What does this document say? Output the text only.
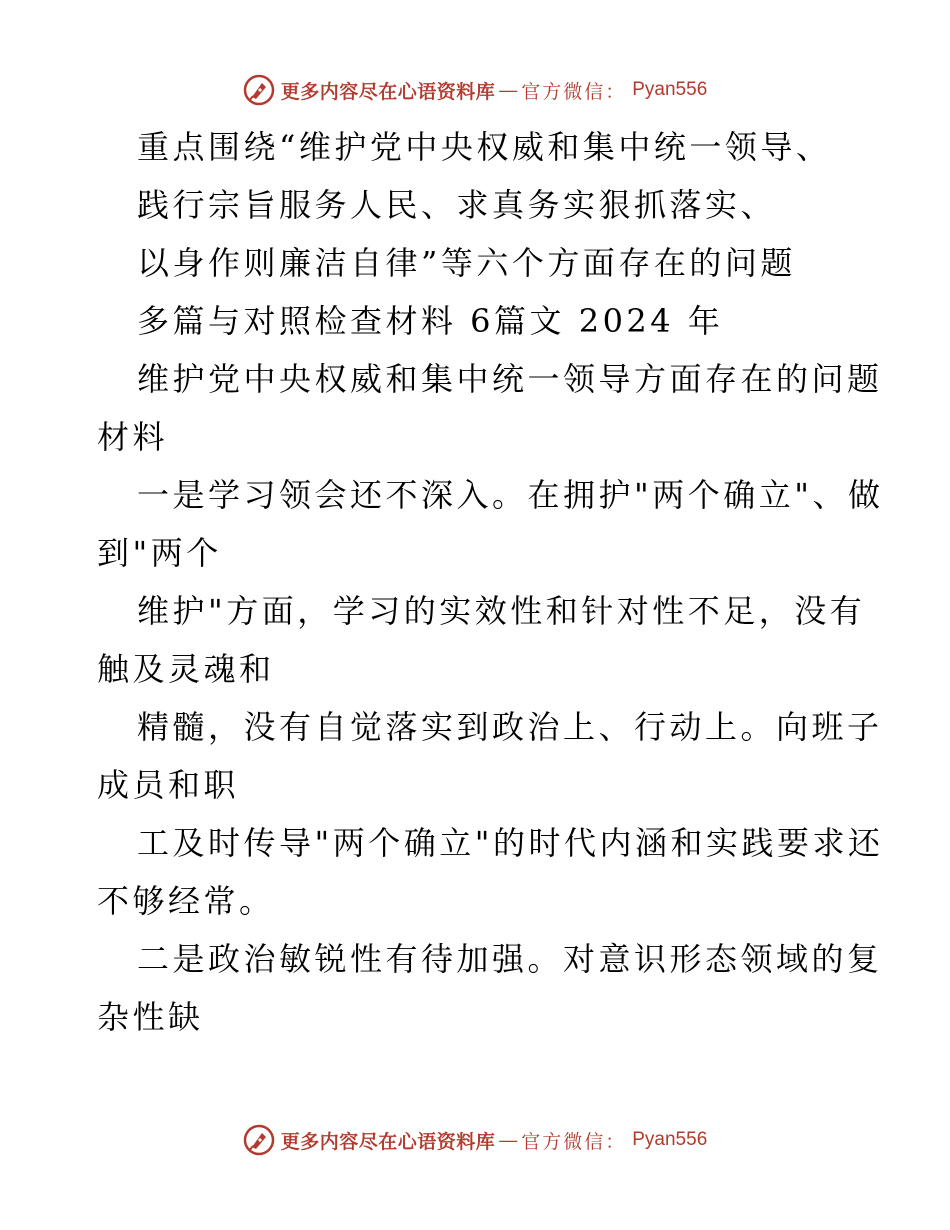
更多内容尽在心语资料库 — 官方微信： Pyan556
重点围绕“维护党中央权威和集中统一领导、
践行宗旨服务人民、求真务实狠抓落实、
以身作则廉洁自律”等六个方面存在的问题
多篇与对照检查材料 6篇文 2024 年
维护党中央权威和集中统一领导方面存在的问题
材料
一是学习领会还不深入。在拥护"两个确立"、做
到"两个
维护"方面，学习的实效性和针对性不足，没有
触及灵魂和
精髓，没有自觉落实到政治上、行动上。向班子
成员和职
工及时传导"两个确立"的时代内涵和实践要求还
不够经常。
二是政治敏锐性有待加强。对意识形态领域的复
杂性缺
更多内容尽在心语资料库 — 官方微信： Pyan556
